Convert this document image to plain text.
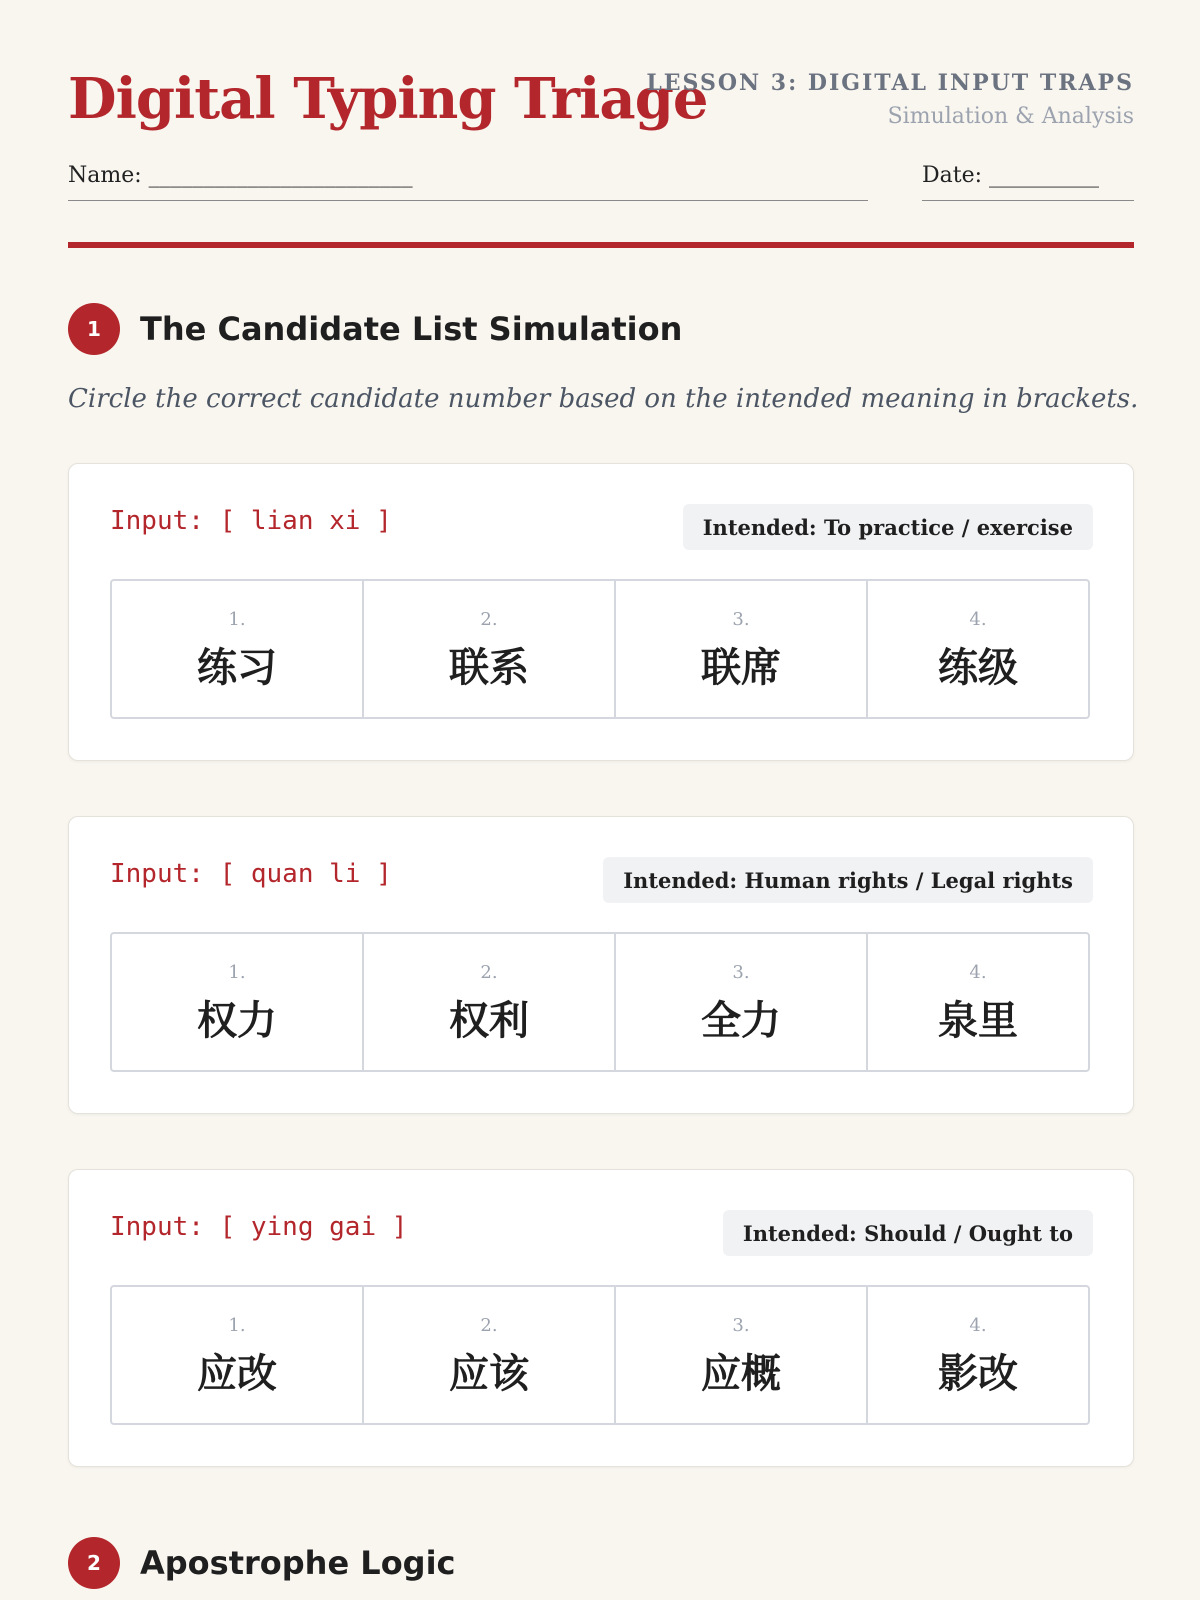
Digital Typing Triage
LESSON 3: DIGITAL INPUT TRAPS
Simulation & Analysis
Name: ________________________	Date: __________
1	The Candidate List Simulation
Circle the correct candidate number based on the intended meaning in brackets.
Input: [ lian xi ]	Intended: To practice / exercise
1.
练习
2.
联系
3.
联席
4.
练级
Input: [ quan li ]	Intended: Human rights / Legal rights
1.
权力
2.
权利
3.
全力
4.
泉里
Input: [ ying gai ]	Intended: Should / Ought to
1.
应改
2.
应该
3.
应概
4.
影改
2	Apostrophe Logic
